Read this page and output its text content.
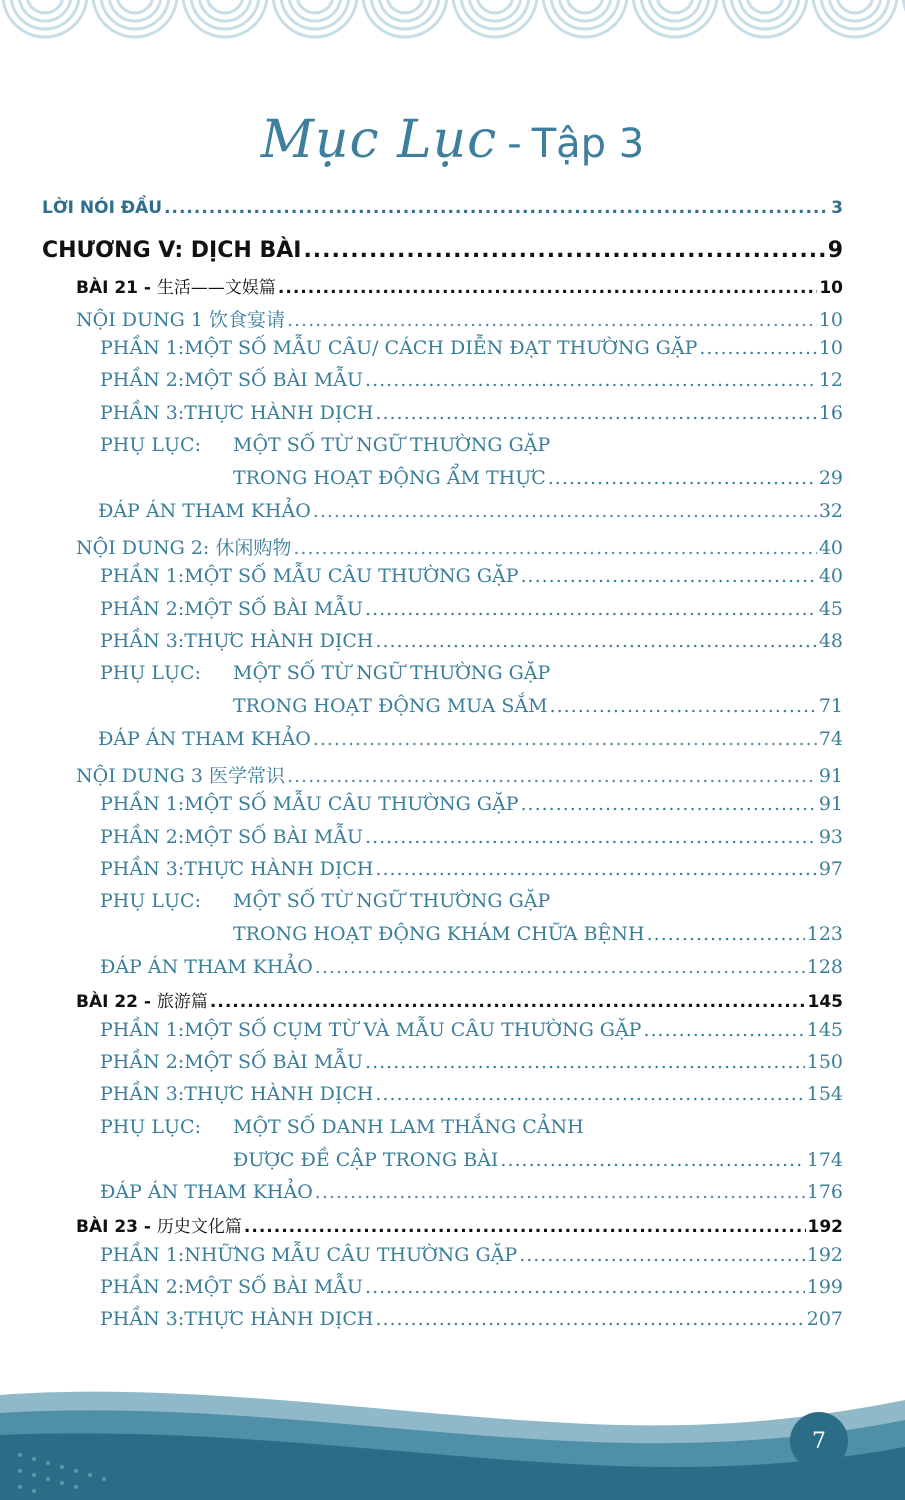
Mục Lục - Tập 3
LỜI NÓI ĐẦU .....	3
CHƯƠNG V: DỊCH BÀI .....	9
BÀI 21 - 生活——文娱篇 .....	10
NỘI DUNG 1 饮食宴请 .....	10
PHẦN 1: MỘT SỐ MẪU CÂU/ CÁCH DIỄN ĐẠT THƯỜNG GẶP .....	10
PHẦN 2: MỘT SỐ BÀI MẪU .....	12
PHẦN 3: THỰC HÀNH DỊCH .....	16
PHỤ LỤC:	MỘT SỐ TỪ NGỮ THƯỜNG GẶP
TRONG HOẠT ĐỘNG ẨM THỰC .....	29
ĐÁP ÁN THAM KHẢO .....	32
NỘI DUNG 2: 休闲购物 .....	40
PHẦN 1: MỘT SỐ MẪU CÂU THƯỜNG GẶP .....	40
PHẦN 2: MỘT SỐ BÀI MẪU .....	45
PHẦN 3: THỰC HÀNH DỊCH .....	48
PHỤ LỤC:	MỘT SỐ TỪ NGỮ THƯỜNG GẶP
TRONG HOẠT ĐỘNG MUA SẮM .....	71
ĐÁP ÁN THAM KHẢO .....	74
NỘI DUNG 3 医学常识 .....	91
PHẦN 1: MỘT SỐ MẪU CÂU THƯỜNG GẶP .....	91
PHẦN 2: MỘT SỐ BÀI MẪU .....	93
PHẦN 3: THỰC HÀNH DỊCH .....	97
PHỤ LỤC:	MỘT SỐ TỪ NGỮ THƯỜNG GẶP
TRONG HOẠT ĐỘNG KHÁM CHỮA BỆNH .....	123
ĐÁP ÁN THAM KHẢO .....	128
BÀI 22 - 旅游篇 .....	145
PHẦN 1: MỘT SỐ CỤM TỪ VÀ MẪU CÂU THƯỜNG GẶP .....	145
PHẦN 2: MỘT SỐ BÀI MẪU .....	150
PHẦN 3: THỰC HÀNH DỊCH .....	154
PHỤ LỤC:	MỘT SỐ DANH LAM THẮNG CẢNH
ĐƯỢC ĐỀ CẬP TRONG BÀI .....	174
ĐÁP ÁN THAM KHẢO .....	176
BÀI 23 - 历史文化篇 .....	192
PHẦN 1: NHỮNG MẪU CÂU THƯỜNG GẶP .....	192
PHẦN 2: MỘT SỐ BÀI MẪU .....	199
PHẦN 3: THỰC HÀNH DỊCH .....	207
7
